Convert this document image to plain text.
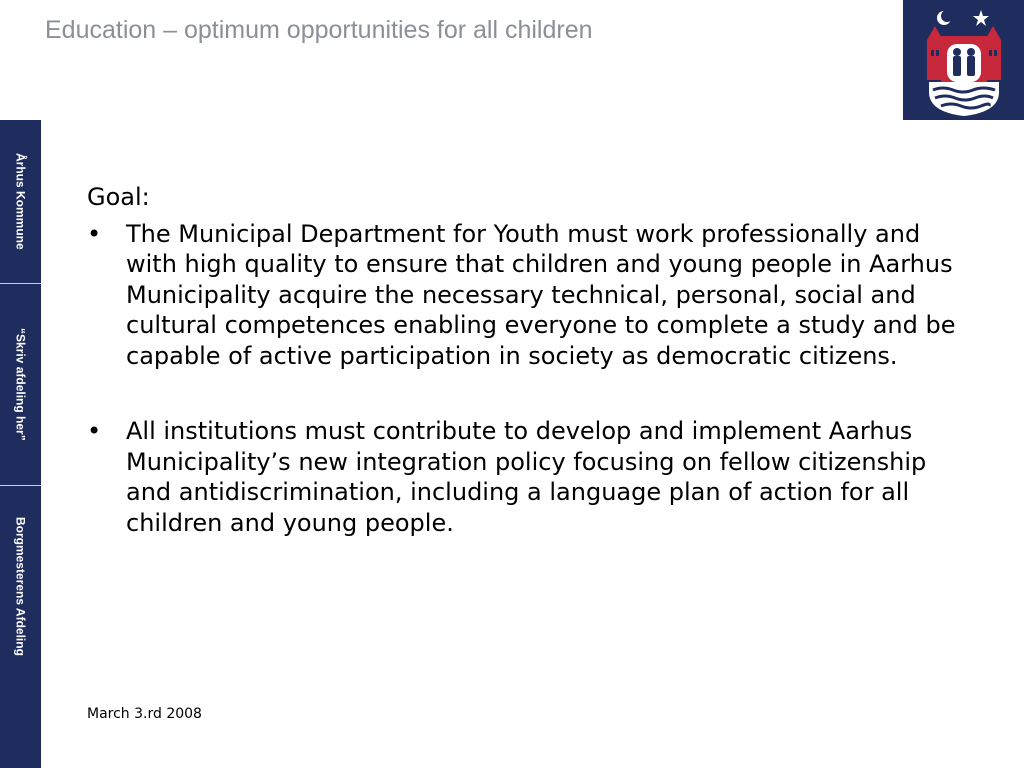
Education – optimum opportunities for all children
Århus Kommune
“Skriv afdeling her”
Borgmesterens Afdeling

Goal:

• The Municipal Department for Youth must work professionally and with high quality to ensure that children and young people in Aarhus Municipality acquire the necessary technical, personal, social and cultural competences enabling everyone to complete a study and be capable of active participation in society as democratic citizens.

• All institutions must contribute to develop and implement Aarhus Municipality’s new integration policy focusing on fellow citizenship and antidiscrimination, including a language plan of action for all children and young people.

March 3.rd 2008
